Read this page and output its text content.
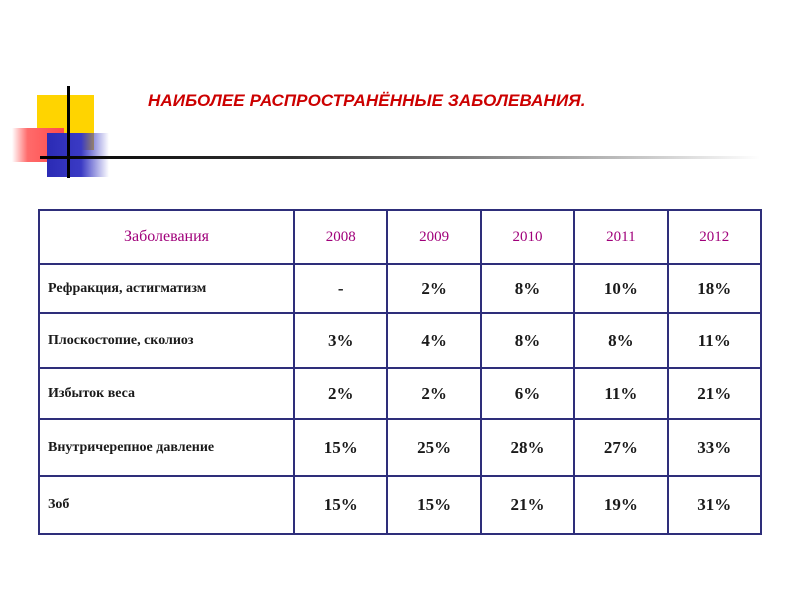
НАИБОЛЕЕ РАСПРОСТРАНЁННЫЕ ЗАБОЛЕВАНИЯ.
Заболевания	2008	2009	2010	2011	2012
Рефракция, астигматизм	-	2%	8%	10%	18%
Плоскостопие, сколиоз	3%	4%	8%	8%	11%
Избыток веса	2%	2%	6%	11%	21%
Внутричерепное давление	15%	25%	28%	27%	33%
Зоб	15%	15%	21%	19%	31%
